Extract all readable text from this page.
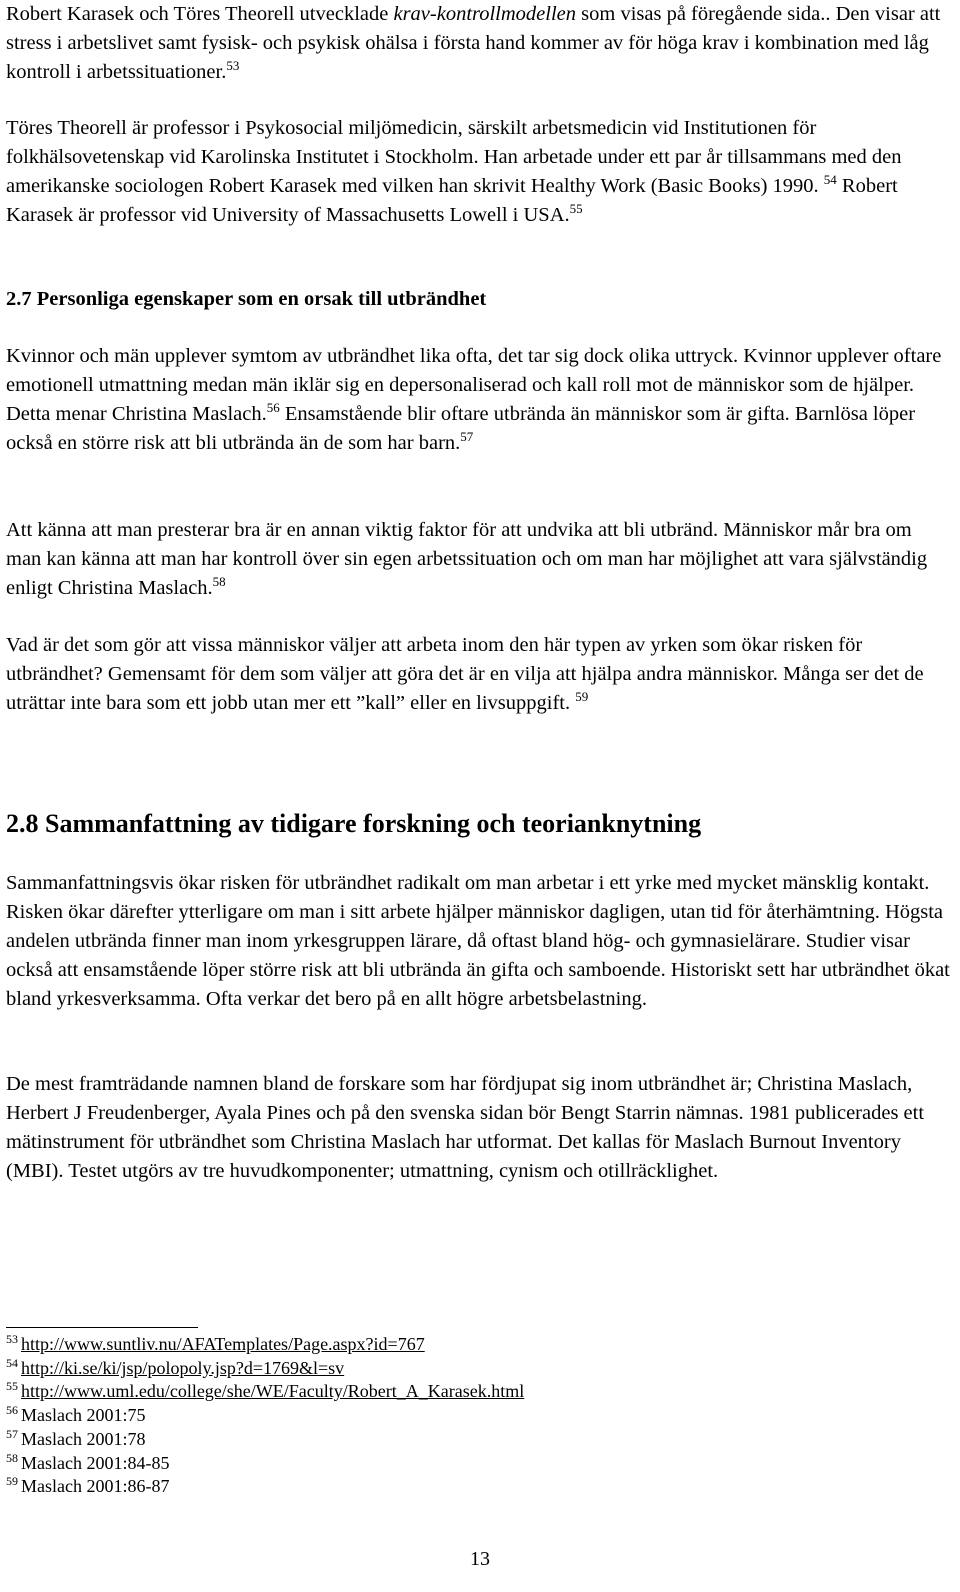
Robert Karasek och Töres Theorell utvecklade krav-kontrollmodellen som visas på föregående sida.. Den visar att stress i arbetslivet samt fysisk- och psykisk ohälsa i första hand kommer av för höga krav i kombination med låg kontroll i arbetssituationer.$^{53}$

Töres Theorell är professor i Psykosocial miljömedicin, särskilt arbetsmedicin vid Institutionen för folkhälsovetenskap vid Karolinska Institutet i Stockholm. Han arbetade under ett par år tillsammans med den amerikanske sociologen Robert Karasek med vilken han skrivit Healthy Work (Basic Books) 1990. $^{54}$ Robert Karasek är professor vid University of Massachusetts Lowell i USA.$^{55}$

2.7 Personliga egenskaper som en orsak till utbrändhet

Kvinnor och män upplever symtom av utbrändhet lika ofta, det tar sig dock olika uttryck. Kvinnor upplever oftare emotionell utmattning medan män iklär sig en depersonaliserad och kall roll mot de människor som de hjälper. Detta menar Christina Maslach.$^{56}$ Ensamstående blir oftare utbrända än människor som är gifta. Barnlösa löper också en större risk att bli utbrända än de som har barn.$^{57}$

Att känna att man presterar bra är en annan viktig faktor för att undvika att bli utbränd. Människor mår bra om man kan känna att man har kontroll över sin egen arbetssituation och om man har möjlighet att vara självständig enligt Christina Maslach.$^{58}$

Vad är det som gör att vissa människor väljer att arbeta inom den här typen av yrken som ökar risken för utbrändhet? Gemensamt för dem som väljer att göra det är en vilja att hjälpa andra människor. Många ser det de uträttar inte bara som ett jobb utan mer ett ”kall” eller en livsuppgift. $^{59}$

2.8 Sammanfattning av tidigare forskning och teorianknytning

Sammanfattningsvis ökar risken för utbrändhet radikalt om man arbetar i ett yrke med mycket mänsklig kontakt. Risken ökar därefter ytterligare om man i sitt arbete hjälper människor dagligen, utan tid för återhämtning. Högsta andelen utbrända finner man inom yrkesgruppen lärare, då oftast bland hög- och gymnasielärare. Studier visar också att ensamstående löper större risk att bli utbrända än gifta och samboende. Historiskt sett har utbrändhet ökat bland yrkesverksamma. Ofta verkar det bero på en allt högre arbetsbelastning.

De mest framträdande namnen bland de forskare som har fördjupat sig inom utbrändhet är; Christina Maslach, Herbert J Freudenberger, Ayala Pines och på den svenska sidan bör Bengt Starrin nämnas. 1981 publicerades ett mätinstrument för utbrändhet som Christina Maslach har utformat. Det kallas för Maslach Burnout Inventory (MBI). Testet utgörs av tre huvudkomponenter; utmattning, cynism och otillräcklighet.

$^{53}$ http://www.suntliv.nu/AFATemplates/Page.aspx?id=767
$^{54}$ http://ki.se/ki/jsp/polopoly.jsp?d=1769&l=sv
$^{55}$ http://www.uml.edu/college/she/WE/Faculty/Robert_A_Karasek.html
$^{56}$ Maslach 2001:75
$^{57}$ Maslach 2001:78
$^{58}$ Maslach 2001:84-85
$^{59}$ Maslach 2001:86-87
13
